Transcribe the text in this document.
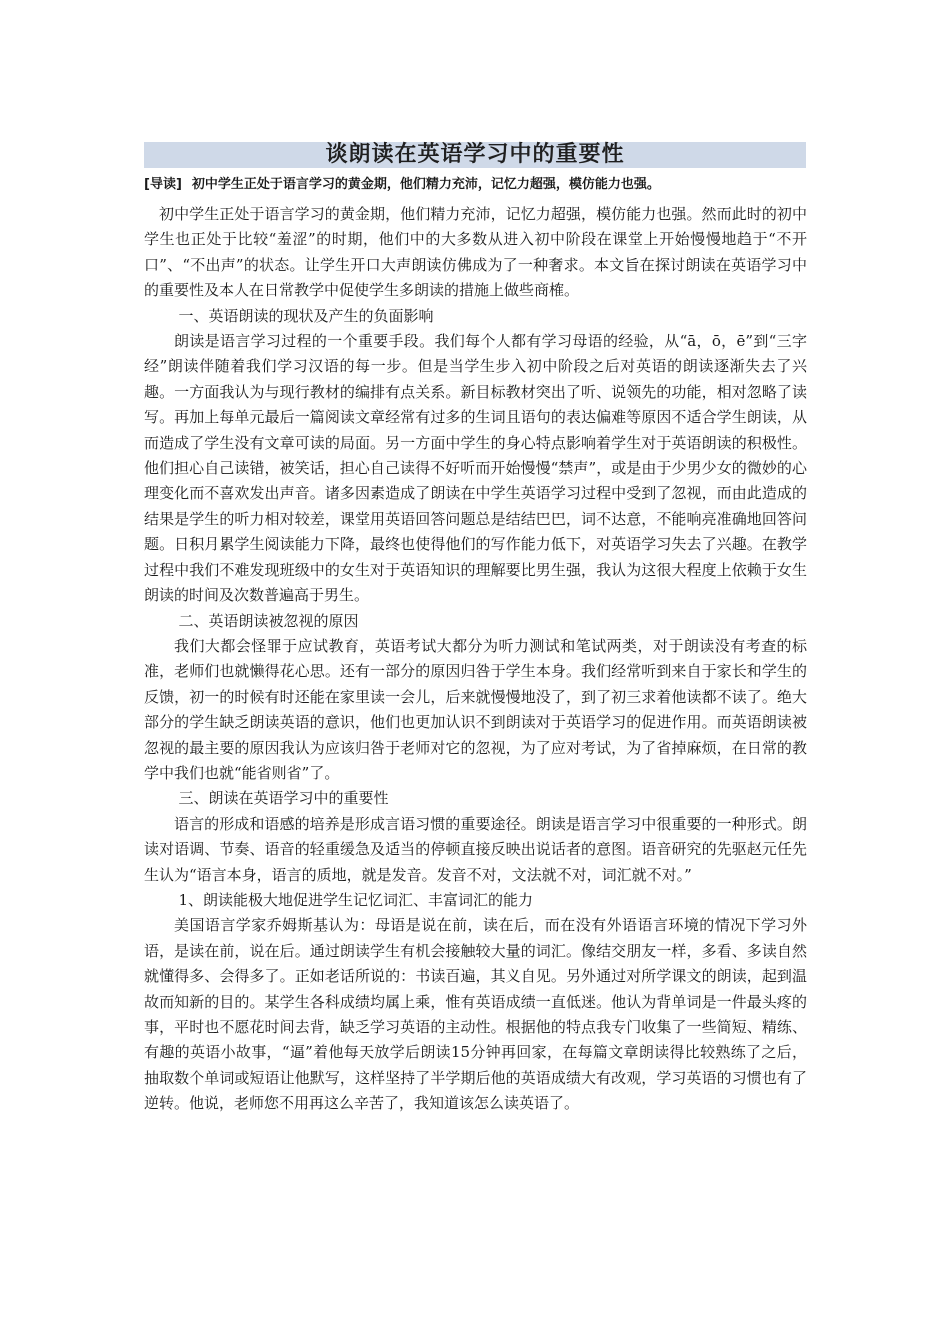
谈朗读在英语学习中的重要性
[导读] 初中学生正处于语言学习的黄金期，他们精力充沛，记忆力超强，模仿能力也强。

初中学生正处于语言学习的黄金期，他们精力充沛，记忆力超强，模仿能力也强。然而此时的初中学生也正处于比较“羞涩”的时期，他们中的大多数从进入初中阶段在课堂上开始慢慢地趋于“不开口”、“不出声”的状态。让学生开口大声朗读仿佛成为了一种奢求。本文旨在探讨朗读在英语学习中的重要性及本人在日常教学中促使学生多朗读的措施上做些商榷。

一、英语朗读的现状及产生的负面影响

朗读是语言学习过程的一个重要手段。我们每个人都有学习母语的经验，从“ā，ō，ē”到“三字经”朗读伴随着我们学习汉语的每一步。但是当学生步入初中阶段之后对英语的朗读逐渐失去了兴趣。一方面我认为与现行教材的编排有点关系。新目标教材突出了听、说领先的功能，相对忽略了读写。再加上每单元最后一篇阅读文章经常有过多的生词且语句的表达偏难等原因不适合学生朗读，从而造成了学生没有文章可读的局面。另一方面中学生的身心特点影响着学生对于英语朗读的积极性。他们担心自己读错，被笑话，担心自己读得不好听而开始慢慢“禁声”，或是由于少男少女的微妙的心理变化而不喜欢发出声音。诸多因素造成了朗读在中学生英语学习过程中受到了忽视，而由此造成的结果是学生的听力相对较差，课堂用英语回答问题总是结结巴巴，词不达意，不能响亮准确地回答问题。日积月累学生阅读能力下降，最终也使得他们的写作能力低下，对英语学习失去了兴趣。在教学过程中我们不难发现班级中的女生对于英语知识的理解要比男生强，我认为这很大程度上依赖于女生朗读的时间及次数普遍高于男生。

二、英语朗读被忽视的原因

我们大都会怪罪于应试教育，英语考试大都分为听力测试和笔试两类，对于朗读没有考查的标准，老师们也就懒得花心思。还有一部分的原因归咎于学生本身。我们经常听到来自于家长和学生的反馈，初一的时候有时还能在家里读一会儿，后来就慢慢地没了，到了初三求着他读都不读了。绝大部分的学生缺乏朗读英语的意识，他们也更加认识不到朗读对于英语学习的促进作用。而英语朗读被忽视的最主要的原因我认为应该归咎于老师对它的忽视，为了应对考试，为了省掉麻烦，在日常的教学中我们也就“能省则省”了。

三、朗读在英语学习中的重要性

语言的形成和语感的培养是形成言语习惯的重要途径。朗读是语言学习中很重要的一种形式。朗读对语调、节奏、语音的轻重缓急及适当的停顿直接反映出说话者的意图。语音研究的先驱赵元任先生认为“语言本身，语言的质地，就是发音。发音不对，文法就不对，词汇就不对。”

1、朗读能极大地促进学生记忆词汇、丰富词汇的能力

美国语言学家乔姆斯基认为：母语是说在前，读在后，而在没有外语语言环境的情况下学习外语，是读在前，说在后。通过朗读学生有机会接触较大量的词汇。像结交朋友一样，多看、多读自然就懂得多、会得多了。正如老话所说的：书读百遍，其义自见。另外通过对所学课文的朗读，起到温故而知新的目的。某学生各科成绩均属上乘，惟有英语成绩一直低迷。他认为背单词是一件最头疼的事，平时也不愿花时间去背，缺乏学习英语的主动性。根据他的特点我专门收集了一些简短、精练、有趣的英语小故事，“逼”着他每天放学后朗读15分钟再回家，在每篇文章朗读得比较熟练了之后，抽取数个单词或短语让他默写，这样坚持了半学期后他的英语成绩大有改观，学习英语的习惯也有了逆转。他说，老师您不用再这么辛苦了，我知道该怎么读英语了。
